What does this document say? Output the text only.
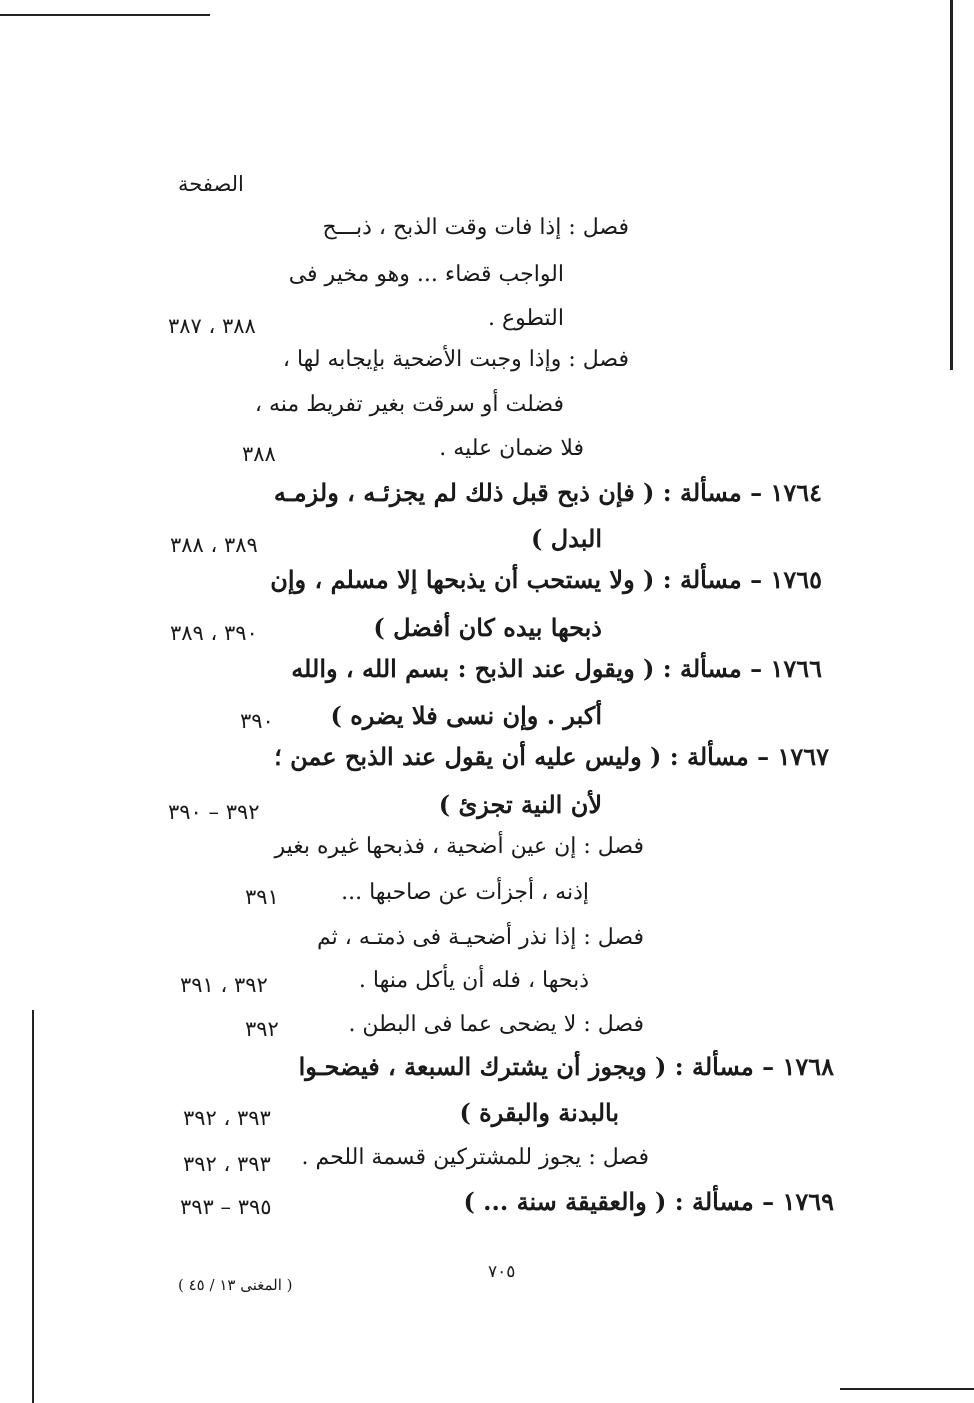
الصفحة
فصل : إذا فات وقت الذبح ، ذبـــح
الواجب قضاء ... وهو مخير فى
التطوع .
٣٨٨ ، ٣٨٧
فصل : وإذا وجبت الأضحية بإيجابه لها ،
فضلت أو سرقت بغير تفريط منه ،
فلا ضمان عليه .
٣٨٨
١٧٦٤ – مسألة : ( فإن ذبح قبل ذلك لم يجزئـه ، ولزمـه
البدل )
٣٨٩ ، ٣٨٨
١٧٦٥ – مسألة : ( ولا يستحب أن يذبحها إلا مسلم ، وإن
ذبحها بيده كان أفضل )
٣٩٠ ، ٣٨٩
١٧٦٦ – مسألة : ( ويقول عند الذبح : بسم الله ، والله
أكبر . وإن نسى فلا يضره )
٣٩٠
١٧٦٧ – مسألة : ( وليس عليه أن يقول عند الذبح عمن ؛
لأن النية تجزئ )
٣٩٢ – ٣٩٠
فصل : إن عين أضحية ، فذبحها غيره بغير
إذنه ، أجزأت عن صاحبها ...
٣٩١
فصل : إذا نذر أضحيـة فى ذمتـه ، ثم
ذبحها ، فله أن يأكل منها .
٣٩٢ ، ٣٩١
فصل : لا يضحى عما فى البطن .
٣٩٢
١٧٦٨ – مسألة : ( ويجوز أن يشترك السبعة ، فيضحـوا
بالبدنة والبقرة )
٣٩٣ ، ٣٩٢
فصل : يجوز للمشتركين قسمة اللحم .
٣٩٣ ، ٣٩٢
١٧٦٩ – مسألة : ( والعقيقة سنة ... )
٣٩٥ – ٣٩٣
٧٠٥
( المغنى ١٣ / ٤٥ )
